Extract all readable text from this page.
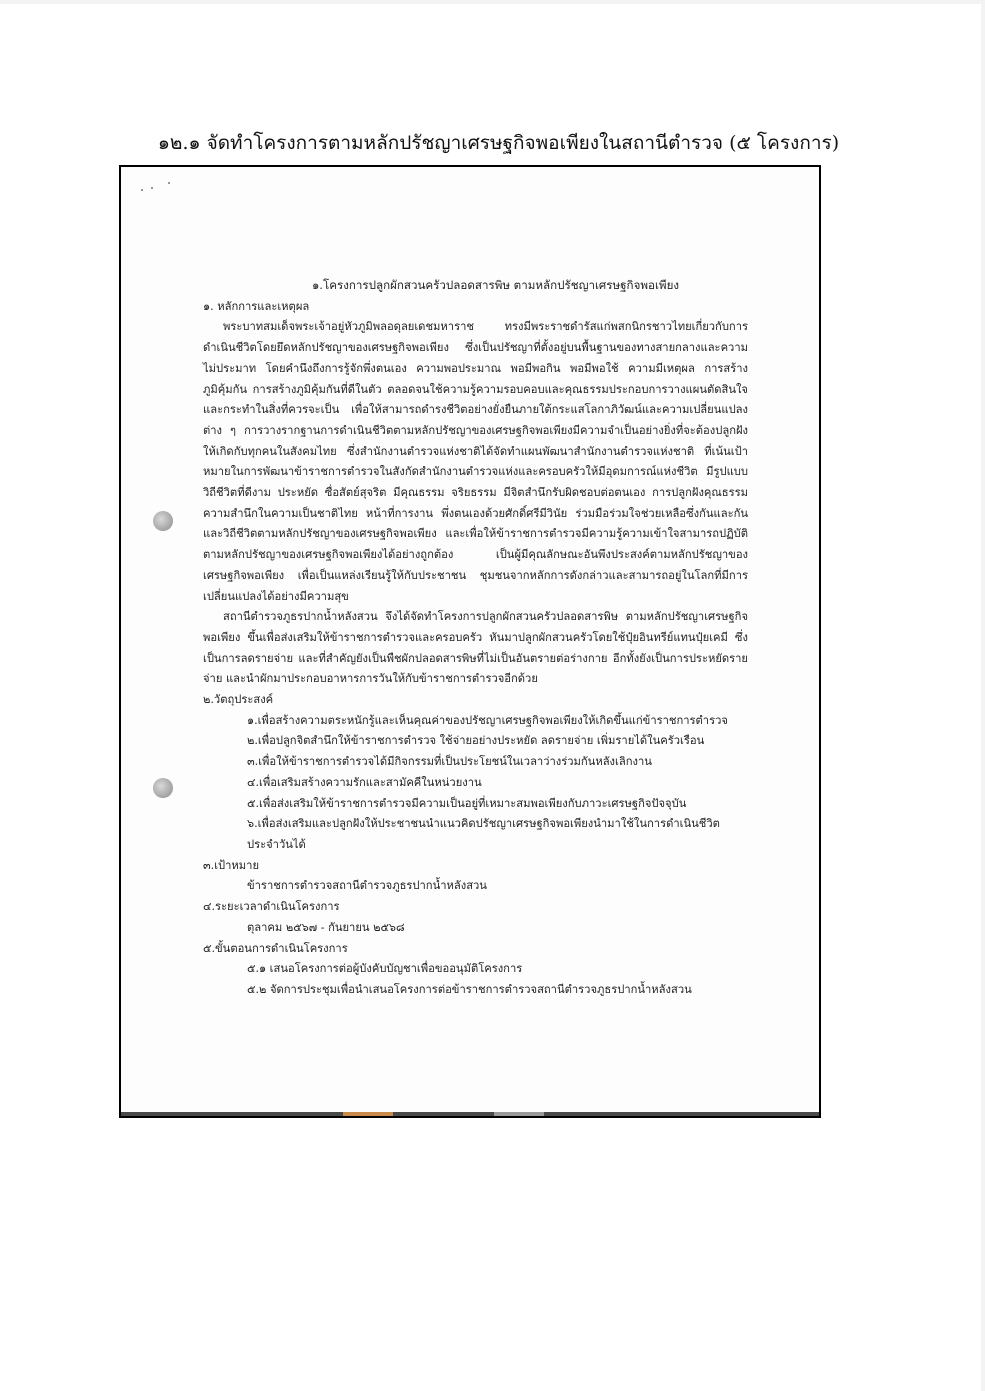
๑๒.๑ จัดทำโครงการตามหลักปรัชญาเศรษฐกิจพอเพียงในสถานีตำรวจ (๕ โครงการ)

๑.โครงการปลูกผักสวนครัวปลอดสารพิษ ตามหลักปรัชญาเศรษฐกิจพอเพียง

๑. หลักการและเหตุผล

พระบาทสมเด็จพระเจ้าอยู่หัวภูมิพลอดุลยเดชมหาราช ทรงมีพระราชดำรัสแก่พสกนิกรชาวไทยเกี่ยวกับการดำเนินชีวิตโดยยึดหลักปรัชญาของเศรษฐกิจพอเพียง ซึ่งเป็นปรัชญาที่ตั้งอยู่บนพื้นฐานของทางสายกลางและความไม่ประมาท โดยคำนึงถึงการรู้จักพึ่งตนเอง ความพอประมาณ พอมีพอกิน พอมีพอใช้ ความมีเหตุผล การสร้างภูมิคุ้มกัน การสร้างภูมิคุ้มกันที่ดีในตัว ตลอดจนใช้ความรู้ความรอบคอบและคุณธรรมประกอบการวางแผนตัดสินใจและกระทำในสิ่งที่ควรจะเป็น เพื่อให้สามารถดำรงชีวิตอย่างยั่งยืนภายใต้กระแสโลกาภิวัฒน์และความเปลี่ยนแปลงต่าง ๆ การวางรากฐานการดำเนินชีวิตตามหลักปรัชญาของเศรษฐกิจพอเพียงมีความจำเป็นอย่างยิ่งที่จะต้องปลูกฝังให้เกิดกับทุกคนในสังคมไทย ซึ่งสำนักงานตำรวจแห่งชาติได้จัดทำแผนพัฒนาสำนักงานตำรวจแห่งชาติ ที่เน้นเป้าหมายในการพัฒนาข้าราชการตำรวจในสังกัดสำนักงานตำรวจแห่งและครอบครัวให้มีอุดมการณ์แห่งชีวิต มีรูปแบบวิถีชีวิตที่ดีงาม ประหยัด ซื่อสัตย์สุจริต มีคุณธรรม จริยธรรม มีจิตสำนึกรับผิดชอบต่อตนเอง การปลูกฝังคุณธรรม ความสำนึกในความเป็นชาติไทย หน้าที่การงาน พึ่งตนเองด้วยศักดิ์ศรีมีวินัย ร่วมมือร่วมใจช่วยเหลือซึ่งกันและกัน และวิถีชีวิตตามหลักปรัชญาของเศรษฐกิจพอเพียง และเพื่อให้ข้าราชการตำรวจมีความรู้ความเข้าใจสามารถปฏิบัติตามหลักปรัชญาของเศรษฐกิจพอเพียงได้อย่างถูกต้อง เป็นผู้มีคุณลักษณะอันพึงประสงค์ตามหลักปรัชญาของเศรษฐกิจพอเพียง เพื่อเป็นแหล่งเรียนรู้ให้กับประชาชน ชุมชนจากหลักการดังกล่าวและสามารถอยู่ในโลกที่มีการเปลี่ยนแปลงได้อย่างมีความสุข

สถานีตำรวจภูธรปากน้ำหลังสวน จึงได้จัดทำโครงการปลูกผักสวนครัวปลอดสารพิษ ตามหลักปรัชญาเศรษฐกิจพอเพียง ขึ้นเพื่อส่งเสริมให้ข้าราชการตำรวจและครอบครัว หันมาปลูกผักสวนครัวโดยใช้ปุ๋ยอินทรีย์แทนปุ๋ยเคมี ซึ่งเป็นการลดรายจ่าย และที่สำคัญยังเป็นพืชผักปลอดสารพิษที่ไม่เป็นอันตรายต่อร่างกาย อีกทั้งยังเป็นการประหยัดรายจ่าย และนำผักมาประกอบอาหารการวันให้กับข้าราชการตำรวจอีกด้วย

๒.วัตถุประสงค์

๑.เพื่อสร้างความตระหนักรู้และเห็นคุณค่าของปรัชญาเศรษฐกิจพอเพียงให้เกิดขึ้นแก่ข้าราชการตำรวจ

๒.เพื่อปลูกจิตสำนึกให้ข้าราชการตำรวจ ใช้จ่ายอย่างประหยัด ลดรายจ่าย เพิ่มรายได้ในครัวเรือน

๓.เพื่อให้ข้าราชการตำรวจได้มีกิจกรรมที่เป็นประโยชน์ในเวลาว่างร่วมกันหลังเลิกงาน

๔.เพื่อเสริมสร้างความรักและสามัคคีในหน่วยงาน

๕.เพื่อส่งเสริมให้ข้าราชการตำรวจมีความเป็นอยู่ที่เหมาะสมพอเพียงกับภาวะเศรษฐกิจปัจจุบัน

๖.เพื่อส่งเสริมและปลูกฝังให้ประชาชนนำแนวคิดปรัชญาเศรษฐกิจพอเพียงนำมาใช้ในการดำเนินชีวิตประจำวันได้

๓.เป้าหมาย

ข้าราชการตำรวจสถานีตำรวจภูธรปากน้ำหลังสวน

๔.ระยะเวลาดำเนินโครงการ

ตุลาคม ๒๕๖๗ - กันยายน ๒๕๖๘

๕.ขั้นตอนการดำเนินโครงการ

๕.๑ เสนอโครงการต่อผู้บังคับบัญชาเพื่อขออนุมัติโครงการ

๕.๒ จัดการประชุมเพื่อนำเสนอโครงการต่อข้าราชการตำรวจสถานีตำรวจภูธรปากน้ำหลังสวน
